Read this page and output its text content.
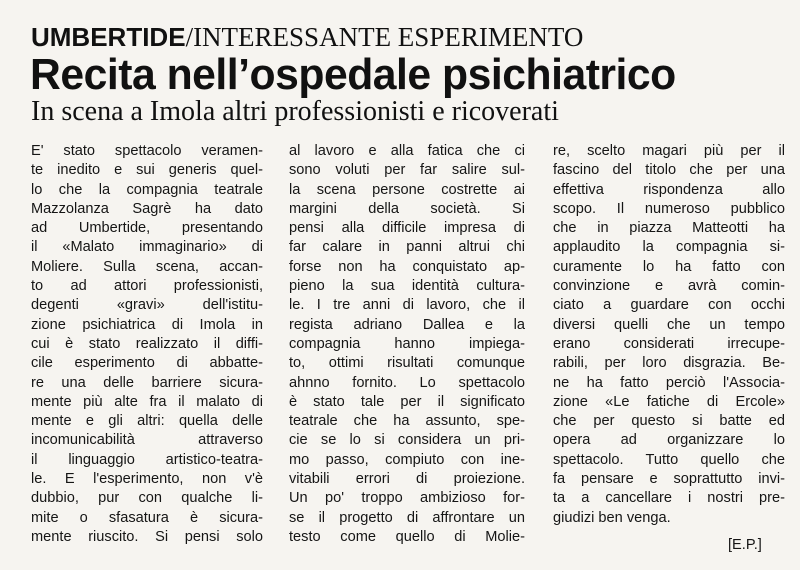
UMBERTIDE/INTERESSANTE ESPERIMENTO
Recita nell’ospedale psichiatrico
In scena a Imola altri professionisti e ricoverati
E' stato spettacolo veramen-
te inedito e sui generis quel-
lo che la compagnia teatrale
Mazzolanza Sagrè ha dato
ad Umbertide, presentando
il «Malato immaginario» di
Moliere. Sulla scena, accan-
to ad attori professionisti,
degenti «gravi» dell'istitu-
zione psichiatrica di Imola in
cui è stato realizzato il diffi-
cile esperimento di abbatte-
re una delle barriere sicura-
mente più alte fra il malato di
mente e gli altri: quella delle
incomunicabilità attraverso
il linguaggio artistico-teatra-
le. E l'esperimento, non v'è
dubbio, pur con qualche li-
mite o sfasatura è sicura-
mente riuscito. Si pensi solo
al lavoro e alla fatica che ci
sono voluti per far salire sul-
la scena persone costrette ai
margini della società. Si
pensi alla difficile impresa di
far calare in panni altrui chi
forse non ha conquistato ap-
pieno la sua identità cultura-
le. I tre anni di lavoro, che il
regista adriano Dallea e la
compagnia hanno impiega-
to, ottimi risultati comunque
ahnno fornito. Lo spettacolo
è stato tale per il significato
teatrale che ha assunto, spe-
cie se lo si considera un pri-
mo passo, compiuto con ine-
vitabili errori di proiezione.
Un po' troppo ambizioso for-
se il progetto di affrontare un
testo come quello di Molie-
re, scelto magari più per il
fascino del titolo che per una
effettiva rispondenza allo
scopo. Il numeroso pubblico
che in piazza Matteotti ha
applaudito la compagnia si-
curamente lo ha fatto con
convinzione e avrà comin-
ciato a guardare con occhi
diversi quelli che un tempo
erano considerati irrecupe-
rabili, per loro disgrazia. Be-
ne ha fatto perciò l'Associa-
zione «Le fatiche di Ercole»
che per questo si batte ed
opera ad organizzare lo
spettacolo. Tutto quello che
fa pensare e soprattutto invi-
ta a cancellare i nostri pre-
giudizi ben venga.
[E.P.]
